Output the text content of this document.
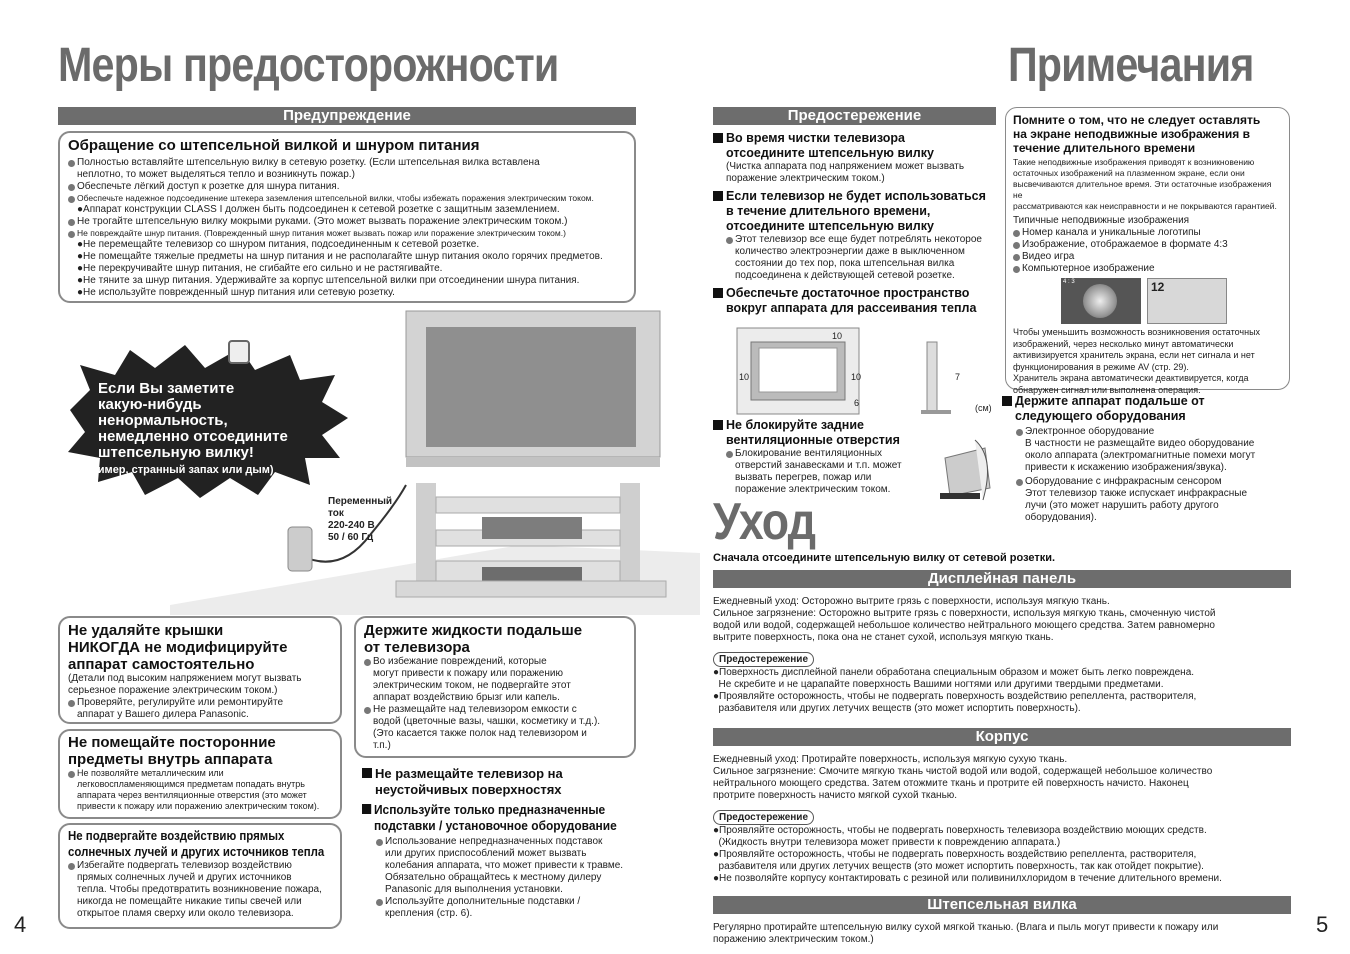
Меры предосторожности
Предупреждение
Обращение со штепсельной вилкой и шнуром питания
Полностью вставляйте штепсельную вилку в сетевую розетку. (Если штепсельная вилка вставлена
неплотно, то может выделяться тепло и возникнуть пожар.)
Обеспечьте лёгкий доступ к розетке для шнура питания.
Обеспечьте надежное подсоединение штекера заземления штепсельной вилки, чтобы избежать поражения электрическим током.
●Аппарат конструкции CLASS I должен быть подсоединен к сетевой розетке с защитным заземлением.
Не трогайте штепсельную вилку мокрыми руками. (Это может вызвать поражение электрическим током.)
Не повреждайте шнур питания. (Поврежденный шнур питания может вызвать пожар или поражение электрическим током.)
●Не перемещайте телевизор со шнуром питания, подсоединенным к сетевой розетке.
●Не помещайте тяжелые предметы на шнур питания и не располагайте шнур питания около горячих предметов.
●Не перекручивайте шнур питания, не сгибайте его сильно и не растягивайте.
●Не тяните за шнур питания. Удерживайте за корпус штепсельной вилки при отсоединении шнура питания.
●Не используйте поврежденный шнур питания или сетевую розетку.
Если Вы заметите
какую-нибудь
ненормальность,
немедленно отсоедините
штепсельную вилку!
(например, странный запах или дым)
Переменный
ток
220-240 В
50 / 60 Гц
Не удаляйте крышки
НИКОГДА не модифицируйте
аппарат самостоятельно
(Детали под высоким напряжением могут вызвать
серьезное поражение электрическим током.)
Проверяйте, регулируйте или ремонтируйте
аппарат у Вашего дилера Panasonic.
Не помещайте посторонние
предметы внутрь аппарата
Не позволяйте металлическим или
легковоспламеняющимся предметам попадать внутрь
аппарата через вентиляционные отверстия (это может
привести к пожару или поражению электрическим током).
Не подвергайте воздействию прямых
солнечных лучей и других источников тепла
Избегайте подвергать телевизор воздействию
прямых солнечных лучей и других источников
тепла. Чтобы предотвратить возникновение пожара,
никогда не помещайте никакие типы свечей или
открытое пламя сверху или около телевизора.
Держите жидкости подальше
от телевизора
Во избежание повреждений, которые
могут привести к пожару или поражению
электрическим током, не подвергайте этот
аппарат воздействию брызг или капель.
Не размещайте над телевизором емкости с
водой (цветочные вазы, чашки, косметику и т.д.).
(Это касается также полок над телевизором и
т.п.)
Не размещайте телевизор на
неустойчивых поверхностях
Используйте только предназначенные
подставки / установочное оборудование
Использование непредназначенных подставок
или других приспособлений может вызвать
колебания аппарата, что может привести к травме.
Обязательно обращайтесь к местному дилеру
Panasonic для выполнения установки.
Используйте дополнительные подставки /
крепления (стр. 6).
4
Примечания
Предостережение
Во время чистки телевизора
отсоедините штепсельную вилку
(Чистка аппарата под напряжением может вызвать
поражение электрическим током.)
Если телевизор не будет использоваться
в течение длительного времени,
отсоедините штепсельную вилку
Этот телевизор все еще будет потреблять некоторое
количество электроэнергии даже в выключенном
состоянии до тех пор, пока штепсельная вилка
подсоединена к действующей сетевой розетке.
Обеспечьте достаточное пространство
вокруг аппарата для рассеивания тепла
10
10	10
6
7
(см)
Не блокируйте задние
вентиляционные отверстия
Блокирование вентиляционных
отверстий занавесками и т.п. может
вызвать перегрев, пожар или
поражение электрическим током.
Помните о том, что не следует оставлять
на экране неподвижные изображения в
течение длительного времени
Такие неподвижные изображения приводят к возникновению
остаточных изображений на плазменном экране, если они
высвечиваются длительное время. Эти остаточные изображения не
рассматриваются как неисправности и не покрываются гарантией.
Типичные неподвижные изображения
Номер канала и уникальные логотипы
Изображение, отображаемое в формате 4:3
Видео игра
Компьютерное изображение
4 : 3	12
Чтобы уменьшить возможность возникновения остаточных
изображений, через несколько минут автоматически
активизируется хранитель экрана, если нет сигнала и нет
функционирования в режиме AV (стр. 29).
Хранитель экрана автоматически деактивируется, когда
обнаружен сигнал или выполнена операция.
Держите аппарат подальше от
следующего оборудования
Электронное оборудование
В частности не размещайте видео оборудование
около аппарата (электромагнитные помехи могут
привести к искажению изображения/звука).
Оборудование с инфракрасным сенсором
Этот телевизор также испускает инфракрасные
лучи (это может нарушить работу другого
оборудования).
Уход
Сначала отсоедините штепсельную вилку от сетевой розетки.
Дисплейная панель
Ежедневный уход: Осторожно вытрите грязь с поверхности, используя мягкую ткань.
Сильное загрязнение: Осторожно вытрите грязь с поверхности, используя мягкую ткань, смоченную чистой
водой или водой, содержащей небольшое количество нейтрального моющего средства. Затем равномерно
вытрите поверхность, пока она не станет сухой, используя мягкую ткань.
Предостережение
●Поверхность дисплейной панели обработана специальным образом и может быть легко повреждена.
Не скребите и не царапайте поверхность Вашими ногтями или другими твердыми предметами.
●Проявляйте осторожность, чтобы не подвергать поверхность воздействию репеллента, растворителя,
разбавителя или других летучих веществ (это может испортить поверхность).
Корпус
Ежедневный уход: Протирайте поверхность, используя мягкую сухую ткань.
Сильное загрязнение: Смочите мягкую ткань чистой водой или водой, содержащей небольшое количество
нейтрального моющего средства. Затем отожмите ткань и протрите ей поверхность начисто. Наконец
протрите поверхность начисто мягкой сухой тканью.
Предостережение
●Проявляйте осторожность, чтобы не подвергать поверхность телевизора воздействию моющих средств.
(Жидкость внутри телевизора может привести к повреждению аппарата.)
●Проявляйте осторожность, чтобы не подвергать поверхность воздействию репеллента, растворителя,
разбавителя или других летучих веществ (это может испортить поверхность, так как отойдет покрытие).
●Не позволяйте корпусу контактировать с резиной или поливинилхлоридом в течение длительного времени.
Штепсельная вилка
Регулярно протирайте штепсельную вилку сухой мягкой тканью. (Влага и пыль могут привести к пожару или
поражению электрическим током.)
5
